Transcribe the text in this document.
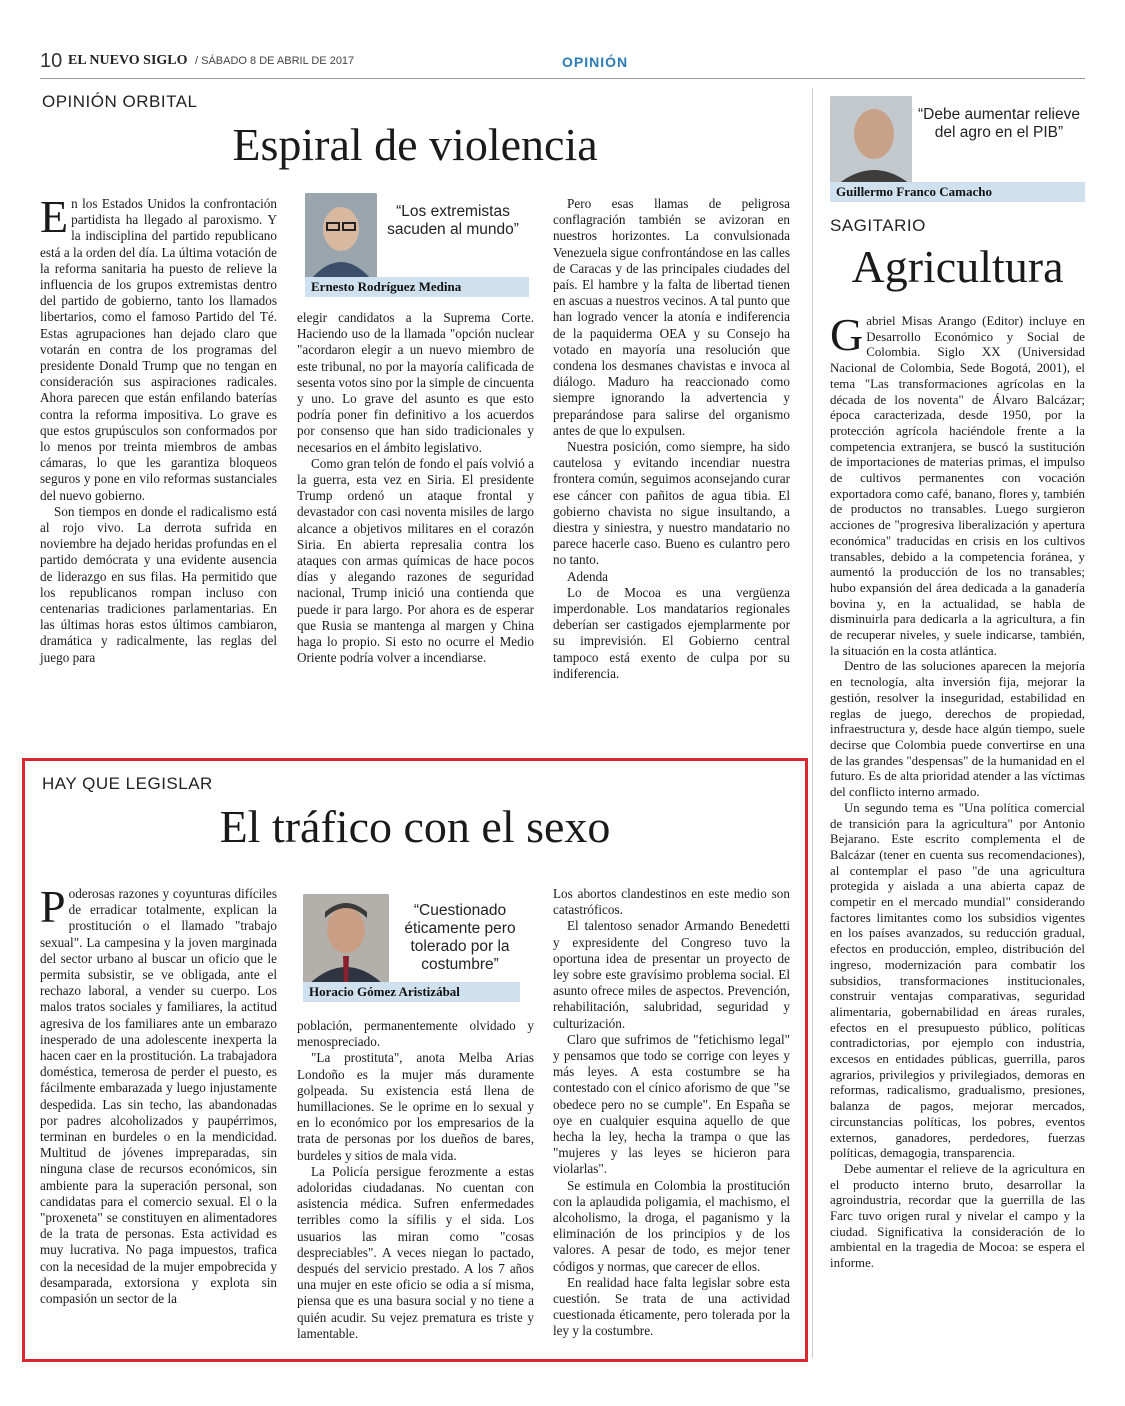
10 EL NUEVO SIGLO / SÁBADO 8 DE ABRIL DE 2017	OPINIÓN
OPINIÓN ORBITAL
Espiral de violencia

En los Estados Unidos la confrontación partidista ha llegado al paroxismo. Y la indisciplina del partido republicano está a la orden del día. La última votación de la reforma sanitaria ha puesto de relieve la influencia de los grupos extremistas dentro del partido de gobierno, tanto los llamados libertarios, como el famoso Partido del Té. Estas agrupaciones han dejado claro que votarán en contra de los programas del presidente Donald Trump que no tengan en consideración sus aspiraciones radicales. Ahora parecen que están enfilando baterías contra la reforma impositiva. Lo grave es que estos grupúsculos son conformados por lo menos por treinta miembros de ambas cámaras, lo que les garantiza bloqueos seguros y pone en vilo reformas sustanciales del nuevo gobierno.

Son tiempos en donde el radicalismo está al rojo vivo. La derrota sufrida en noviembre ha dejado heridas profundas en el partido demócrata y una evidente ausencia de liderazgo en sus filas. Ha permitido que los republicanos rompan incluso con centenarias tradiciones parlamentarias. En las últimas horas estos últimos cambiaron, dramática y radicalmente, las reglas del juego para

“Los extremistas sacuden al mundo”
Ernesto Rodríguez Medina

elegir candidatos a la Suprema Corte. Haciendo uso de la llamada "opción nuclear "acordaron elegir a un nuevo miembro de este tribunal, no por la mayoría calificada de sesenta votos sino por la simple de cincuenta y uno. Lo grave del asunto es que esto podría poner fin definitivo a los acuerdos por consenso que han sido tradicionales y necesarios en el ámbito legislativo.

Como gran telón de fondo el país volvió a la guerra, esta vez en Siria. El presidente Trump ordenó un ataque frontal y devastador con casi noventa misiles de largo alcance a objetivos militares en el corazón Siria. En abierta represalia contra los ataques con armas químicas de hace pocos días y alegando razones de seguridad nacional, Trump inició una contienda que puede ir para largo. Por ahora es de esperar que Rusia se mantenga al margen y China haga lo propio. Si esto no ocurre el Medio Oriente podría volver a incendiarse.

Pero esas llamas de peligrosa conflagración también se avizoran en nuestros horizontes. La convulsionada Venezuela sigue confrontándose en las calles de Caracas y de las principales ciudades del país. El hambre y la falta de libertad tienen en ascuas a nuestros vecinos. A tal punto que han logrado vencer la atonía e indiferencia de la paquiderma OEA y su Consejo ha votado en mayoría una resolución que condena los desmanes chavistas e invoca al diálogo. Maduro ha reaccionado como siempre ignorando la advertencia y preparándose para salirse del organismo antes de que lo expulsen.

Nuestra posición, como siempre, ha sido cautelosa y evitando incendiar nuestra frontera común, seguimos aconsejando curar ese cáncer con pañitos de agua tibia. El gobierno chavista no sigue insultando, a diestra y siniestra, y nuestro mandatario no parece hacerle caso. Bueno es culantro pero no tanto.

Adenda

Lo de Mocoa es una vergüenza imperdonable. Los mandatarios regionales deberían ser castigados ejemplarmente por su imprevisión. El Gobierno central tampoco está exento de culpa por su indiferencia.

HAY QUE LEGISLAR
El tráfico con el sexo

Poderosas razones y coyunturas difíciles de erradicar totalmente, explican la prostitución o el llamado "trabajo sexual". La campesina y la joven marginada del sector urbano al buscar un oficio que le permita subsistir, se ve obligada, ante el rechazo laboral, a vender su cuerpo. Los malos tratos sociales y familiares, la actitud agresiva de los familiares ante un embarazo inesperado de una adolescente inexperta la hacen caer en la prostitución. La trabajadora doméstica, temerosa de perder el puesto, es fácilmente embarazada y luego injustamente despedida. Las sin techo, las abandonadas por padres alcoholizados y paupérrimos, terminan en burdeles o en la mendicidad. Multitud de jóvenes impreparadas, sin ninguna clase de recursos económicos, sin ambiente para la superación personal, son candidatas para el comercio sexual. El o la "proxeneta" se constituyen en alimentadores de la trata de personas. Esta actividad es muy lucrativa. No paga impuestos, trafica con la necesidad de la mujer empobrecida y desamparada, extorsiona y explota sin compasión un sector de la

“Cuestionado éticamente pero tolerado por la costumbre”
Horacio Gómez Aristizábal

población, permanentemente olvidado y menospreciado.

"La prostituta", anota Melba Arias Londoño es la mujer más duramente golpeada. Su existencia está llena de humillaciones. Se le oprime en lo sexual y en lo económico por los empresarios de la trata de personas por los dueños de bares, burdeles y sitios de mala vida.

La Policía persigue ferozmente a estas adoloridas ciudadanas. No cuentan con asistencia médica. Sufren enfermedades terribles como la sífilis y el sida. Los usuarios las miran como "cosas despreciables". A veces niegan lo pactado, después del servicio prestado. A los 7 años una mujer en este oficio se odia a sí misma, piensa que es una basura social y no tiene a quién acudir. Su vejez prematura es triste y lamentable.

Los abortos clandestinos en este medio son catastróficos.

El talentoso senador Armando Benedetti y expresidente del Congreso tuvo la oportuna idea de presentar un proyecto de ley sobre este gravísimo problema social. El asunto ofrece miles de aspectos. Prevención, rehabilitación, salubridad, seguridad y culturización.

Claro que sufrimos de "fetichismo legal" y pensamos que todo se corrige con leyes y más leyes. A esta costumbre se ha contestado con el cínico aforismo de que "se obedece pero no se cumple". En España se oye en cualquier esquina aquello de que hecha la ley, hecha la trampa o que las "mujeres y las leyes se hicieron para violarlas".

Se estimula en Colombia la prostitución con la aplaudida poligamia, el machismo, el alcoholismo, la droga, el paganismo y la eliminación de los principios y de los valores. A pesar de todo, es mejor tener códigos y normas, que carecer de ellos.

En realidad hace falta legislar sobre esta cuestión. Se trata de una actividad cuestionada éticamente, pero tolerada por la ley y la costumbre.

“Debe aumentar relieve del agro en el PIB”
Guillermo Franco Camacho
SAGITARIO
Agricultura

Gabriel Misas Arango (Editor) incluye en Desarrollo Económico y Social de Colombia. Siglo XX (Universidad Nacional de Colombia, Sede Bogotá, 2001), el tema "Las transformaciones agrícolas en la década de los noventa" de Álvaro Balcázar; época caracterizada, desde 1950, por la protección agrícola haciéndole frente a la competencia extranjera, se buscó la sustitución de importaciones de materias primas, el impulso de cultivos permanentes con vocación exportadora como café, banano, flores y, también de productos no transables. Luego surgieron acciones de "progresiva liberalización y apertura económica" traducidas en crisis en los cultivos transables, debido a la competencia foránea, y aumentó la producción de los no transables; hubo expansión del área dedicada a la ganadería bovina y, en la actualidad, se habla de disminuirla para dedicarla a la agricultura, a fin de recuperar niveles, y suele indicarse, también, la situación en la costa atlántica.

Dentro de las soluciones aparecen la mejoría en tecnología, alta inversión fija, mejorar la gestión, resolver la inseguridad, estabilidad en reglas de juego, derechos de propiedad, infraestructura y, desde hace algún tiempo, suele decirse que Colombia puede convertirse en una de las grandes "despensas" de la humanidad en el futuro. Es de alta prioridad atender a las víctimas del conflicto interno armado.

Un segundo tema es "Una política comercial de transición para la agricultura" por Antonio Bejarano. Este escrito complementa el de Balcázar (tener en cuenta sus recomendaciones), al contemplar el paso "de una agricultura protegida y aislada a una abierta capaz de competir en el mercado mundial" considerando factores limitantes como los subsidios vigentes en los países avanzados, su reducción gradual, efectos en producción, empleo, distribución del ingreso, modernización para combatir los subsidios, transformaciones institucionales, construir ventajas comparativas, seguridad alimentaria, gobernabilidad en áreas rurales, efectos en el presupuesto público, políticas contradictorias, por ejemplo con industria, excesos en entidades públicas, guerrilla, paros agrarios, privilegios y privilegiados, demoras en reformas, radicalismo, gradualismo, presiones, balanza de pagos, mejorar mercados, circunstancias políticas, los pobres, eventos externos, ganadores, perdedores, fuerzas políticas, demagogia, transparencia.

Debe aumentar el relieve de la agricultura en el producto interno bruto, desarrollar la agroindustria, recordar que la guerrilla de las Farc tuvo origen rural y nivelar el campo y la ciudad. Significativa la consideración de lo ambiental en la tragedia de Mocoa: se espera el informe.
